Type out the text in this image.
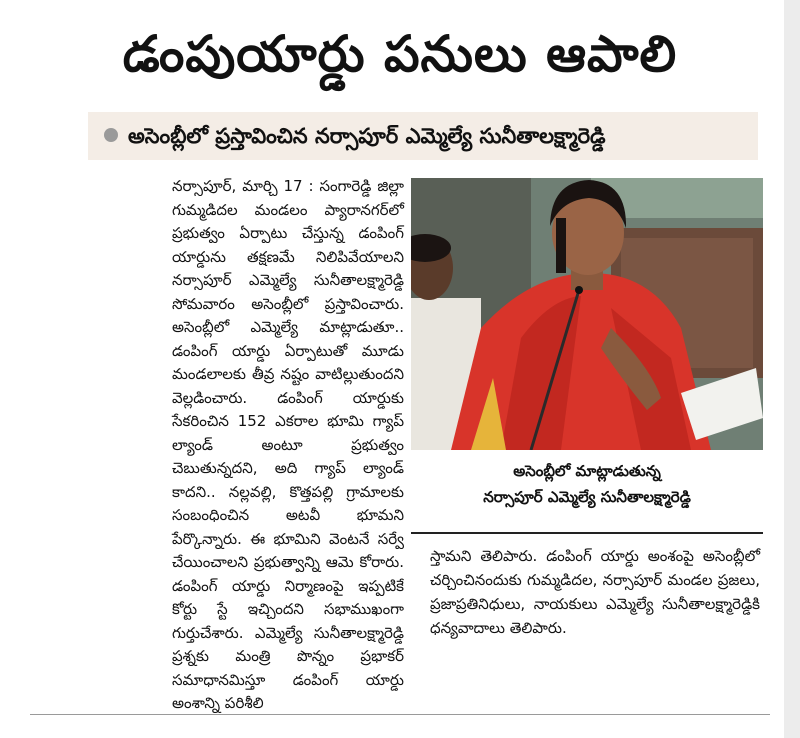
డంపుయార్డు పనులు ఆపాలి
అసెంబ్లీలో ప్రస్తావించిన నర్సాపూర్ ఎమ్మెల్యే సునీతాలక్ష్మారెడ్డి

నర్సాపూర్, మార్చి 17 : సంగారెడ్డి జిల్లా గుమ్మడిదల మండలం ప్యారానగర్‌లో ప్రభుత్వం ఏర్పాటు చేస్తున్న డంపింగ్ యార్డును తక్షణమే నిలిపివేయాలని నర్సాపూర్ ఎమ్మెల్యే సునీతాలక్ష్మారెడ్డి సోమవారం అసెంబ్లీలో ప్రస్తావించారు. అసెంబ్లీలో ఎమ్మెల్యే మాట్లాడుతూ.. డంపింగ్ యార్డు ఏర్పాటుతో మూడు మండలాలకు తీవ్ర నష్టం వాటిల్లుతుందని వెల్లడించారు. డంపింగ్ యార్డుకు సేకరించిన 152 ఎకరాల భూమి గ్యాప్ ల్యాండ్ అంటూ ప్రభుత్వం చెబుతున్నదని, అది గ్యాప్ ల్యాండ్ కాదని.. నల్లవల్లి, కొత్తపల్లి గ్రామాలకు సంబంధించిన అటవీ భూమని పేర్కొన్నారు. ఈ భూమిని వెంటనే సర్వే చేయించాలని ప్రభుత్వాన్ని ఆమె కోరారు. డంపింగ్ యార్డు నిర్మాణంపై ఇప్పటికే కోర్టు స్టే ఇచ్చిందని సభాముఖంగా గుర్తుచేశారు. ఎమ్మెల్యే సునీతాలక్ష్మారెడ్డి ప్రశ్నకు మంత్రి పొన్నం ప్రభాకర్ సమాధానమిస్తూ డంపింగ్ యార్డు అంశాన్ని పరిశీలి

అసెంబ్లీలో మాట్లాడుతున్న
నర్సాపూర్ ఎమ్మెల్యే సునీతాలక్ష్మారెడ్డి

స్తామని తెలిపారు. డంపింగ్ యార్డు అంశంపై అసెంబ్లీలో చర్చించినందుకు గుమ్మడిదల, నర్సాపూర్ మండల ప్రజలు, ప్రజాప్రతినిధులు, నాయకులు ఎమ్మెల్యే సునీతాలక్ష్మారెడ్డికి ధన్యవాదాలు తెలిపారు.
